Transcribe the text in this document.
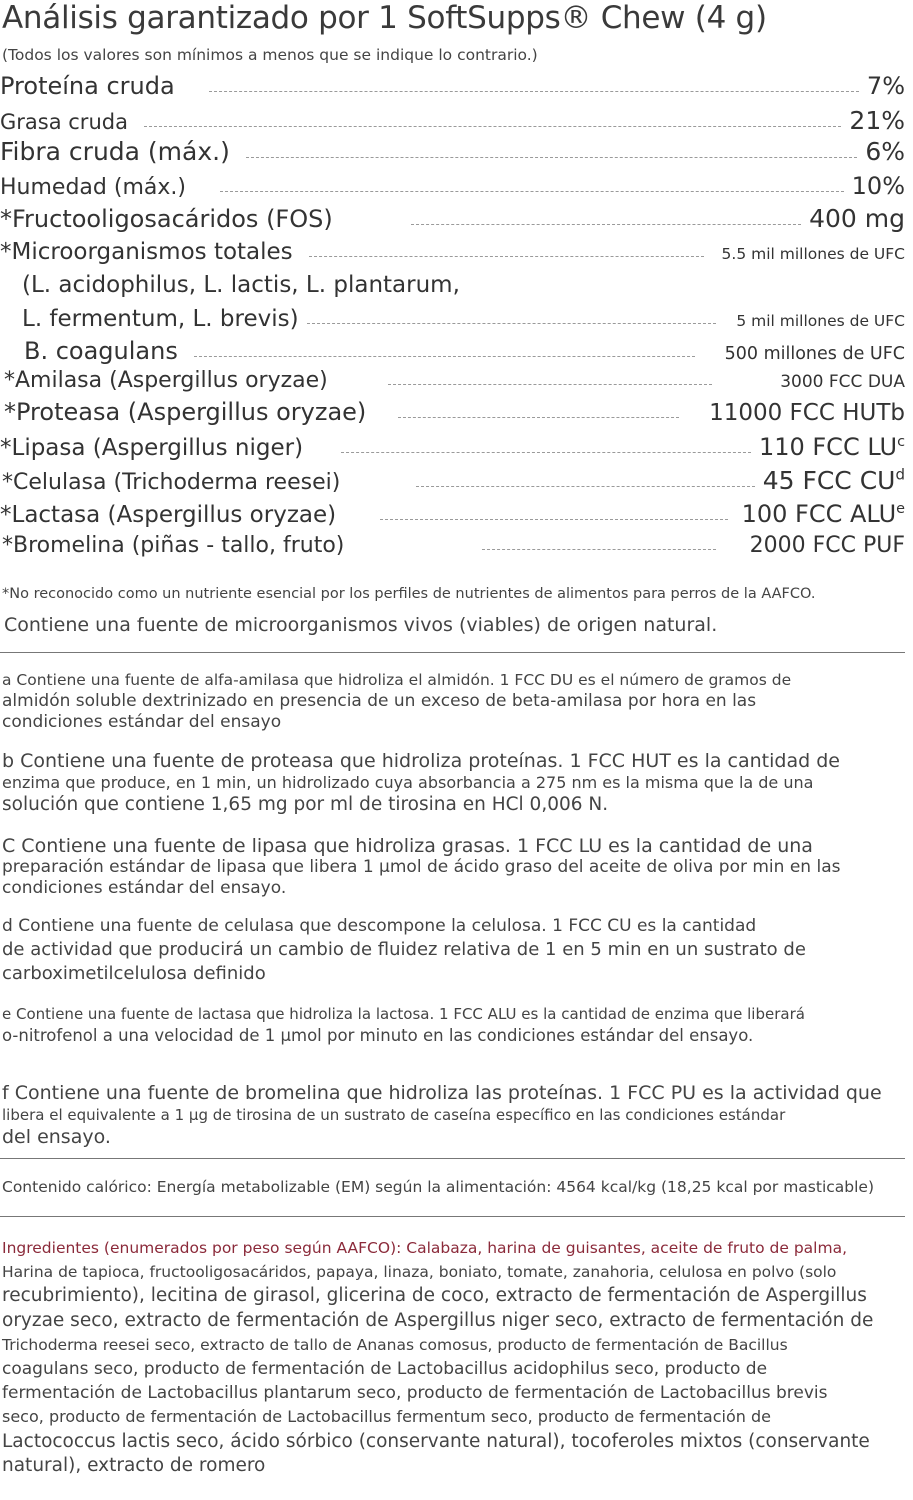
Análisis garantizado por 1 SoftSupps® Chew (4 g)
(Todos los valores son mínimos a menos que se indique lo contrario.)
Proteína cruda	7%
Grasa cruda	21%
Fibra cruda (máx.)	6%
Humedad (máx.)	10%
*Fructooligosacáridos (FOS)	400 mg
*Microorganismos totales	5.5 mil millones de UFC
(L. acidophilus, L. lactis, L. plantarum,
L. fermentum, L. brevis)	5 mil millones de UFC
B. coagulans	500 millones de UFC
*Amilasa (Aspergillus oryzae)	3000 FCC DUA
*Proteasa (Aspergillus oryzae)	11000 FCC HUTb
*Lipasa (Aspergillus niger)	110 FCC $LU^c$
*Celulasa (Trichoderma reesei)	45 FCC $CU^d$
*Lactasa (Aspergillus oryzae)	100 FCC ALU$^e$
*Bromelina (piñas - tallo, fruto)	2000 FCC PUF
*No reconocido como un nutriente esencial por los perfiles de nutrientes de alimentos para perros de la AAFCO.
Contiene una fuente de microorganismos vivos (viables) de origen natural.

a Contiene una fuente de alfa-amilasa que hidroliza el almidón. 1 FCC DU es el número de gramos de

almidón soluble dextrinizado en presencia de un exceso de beta-amilasa por hora en las

condiciones estándar del ensayo

b Contiene una fuente de proteasa que hidroliza proteínas. 1 FCC HUT es la cantidad de

enzima que produce, en 1 min, un hidrolizado cuya absorbancia a 275 nm es la misma que la de una

solución que contiene 1,65 mg por ml de tirosina en HCl 0,006 N.

C Contiene una fuente de lipasa que hidroliza grasas. 1 FCC LU es la cantidad de una

preparación estándar de lipasa que libera 1 µmol de ácido graso del aceite de oliva por min en las

condiciones estándar del ensayo.

d Contiene una fuente de celulasa que descompone la celulosa. 1 FCC CU es la cantidad

de actividad que producirá un cambio de fluidez relativa de 1 en 5 min en un sustrato de

carboximetilcelulosa definido

e Contiene una fuente de lactasa que hidroliza la lactosa. 1 FCC ALU es la cantidad de enzima que liberará

o-nitrofenol a una velocidad de 1 µmol por minuto en las condiciones estándar del ensayo.

f Contiene una fuente de bromelina que hidroliza las proteínas. 1 FCC PU es la actividad que

libera el equivalente a 1 µg de tirosina de un sustrato de caseína específico en las condiciones estándar

del ensayo.

Contenido calórico: Energía metabolizable (EM) según la alimentación: 4564 kcal/kg (18,25 kcal por masticable)

Ingredientes (enumerados por peso según AAFCO): Calabaza, harina de guisantes, aceite de fruto de palma,

Harina de tapioca, fructooligosacáridos, papaya, linaza, boniato, tomate, zanahoria, celulosa en polvo (solo

recubrimiento), lecitina de girasol, glicerina de coco, extracto de fermentación de Aspergillus

oryzae seco, extracto de fermentación de Aspergillus niger seco, extracto de fermentación de

Trichoderma reesei seco, extracto de tallo de Ananas comosus, producto de fermentación de Bacillus

coagulans seco, producto de fermentación de Lactobacillus acidophilus seco, producto de

fermentación de Lactobacillus plantarum seco, producto de fermentación de Lactobacillus brevis

seco, producto de fermentación de Lactobacillus fermentum seco, producto de fermentación de

Lactococcus lactis seco, ácido sórbico (conservante natural), tocoferoles mixtos (conservante

natural), extracto de romero
